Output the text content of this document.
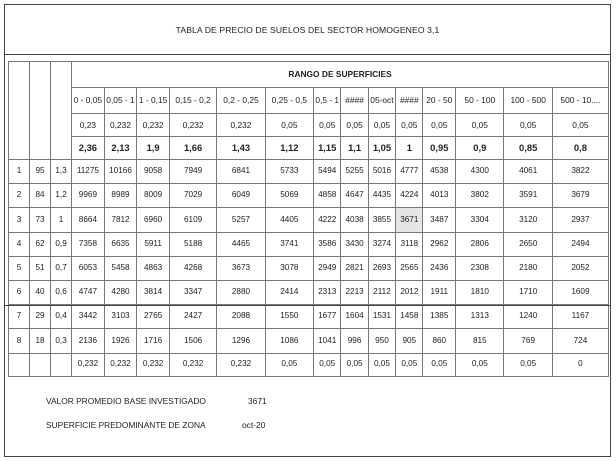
TABLA DE PRECIO DE SUELOS DEL SECTOR HOMOGENEO 3,1

	RANGO DE SUPERFICIES													
			0 - 0,05	0,05 - 1	1 - 0,15	0,15 - 0,2	0,2 - 0,25	0,25 - 0,5	0,5 - 1	####	05-oct	####	20 - 50	50 - 100	100 - 500	500 - 10....
			0,23	0,232	0,232	0,232	0,232	0,05	0,05	0,05	0,05	0,05	0,05	0,05	0,05	0,05
			2,36	2,13	1,9	1,66	1,43	1,12	1,15	1,1	1,05	1	0,95	0,9	0,85	0,8
1	95	1,3	11275	10166	9058	7949	6841	5733	5494	5255	5016	4777	4538	4300	4061	3822
2	84	1,2	9969	8989	8009	7029	6049	5069	4858	4647	4435	4224	4013	3802	3591	3679
3	73	1	8664	7812	6960	6109	5257	4405	4222	4038	3855	3671	3487	3304	3120	2937
4	62	0,9	7358	6635	5911	5188	4465	3741	3586	3430	3274	3118	2962	2806	2650	2494
5	51	0,7	6053	5458	4863	4268	3673	3078	2949	2821	2693	2565	2436	2308	2180	2052
6	40	0,6	4747	4280	3814	3347	2880	2414	2313	2213	2112	2012	1911	1810	1710	1609
7	29	0,4	3442	3103	2765	2427	2088	1550	1677	1604	1531	1458	1385	1313	1240	1167
8	18	0,3	2136	1926	1716	1506	1296	1086	1041	996	950	905	860	815	769	724
			0,232	0,232	0,232	0,232	0,232	0,05	0,05	0,05	0,05	0,05	0,05	0,05	0,05	0
VALOR PROMEDIO BASE INVESTIGADO	3671
SUPERFICIE PREDOMINANTE DE ZONA	oct-20
